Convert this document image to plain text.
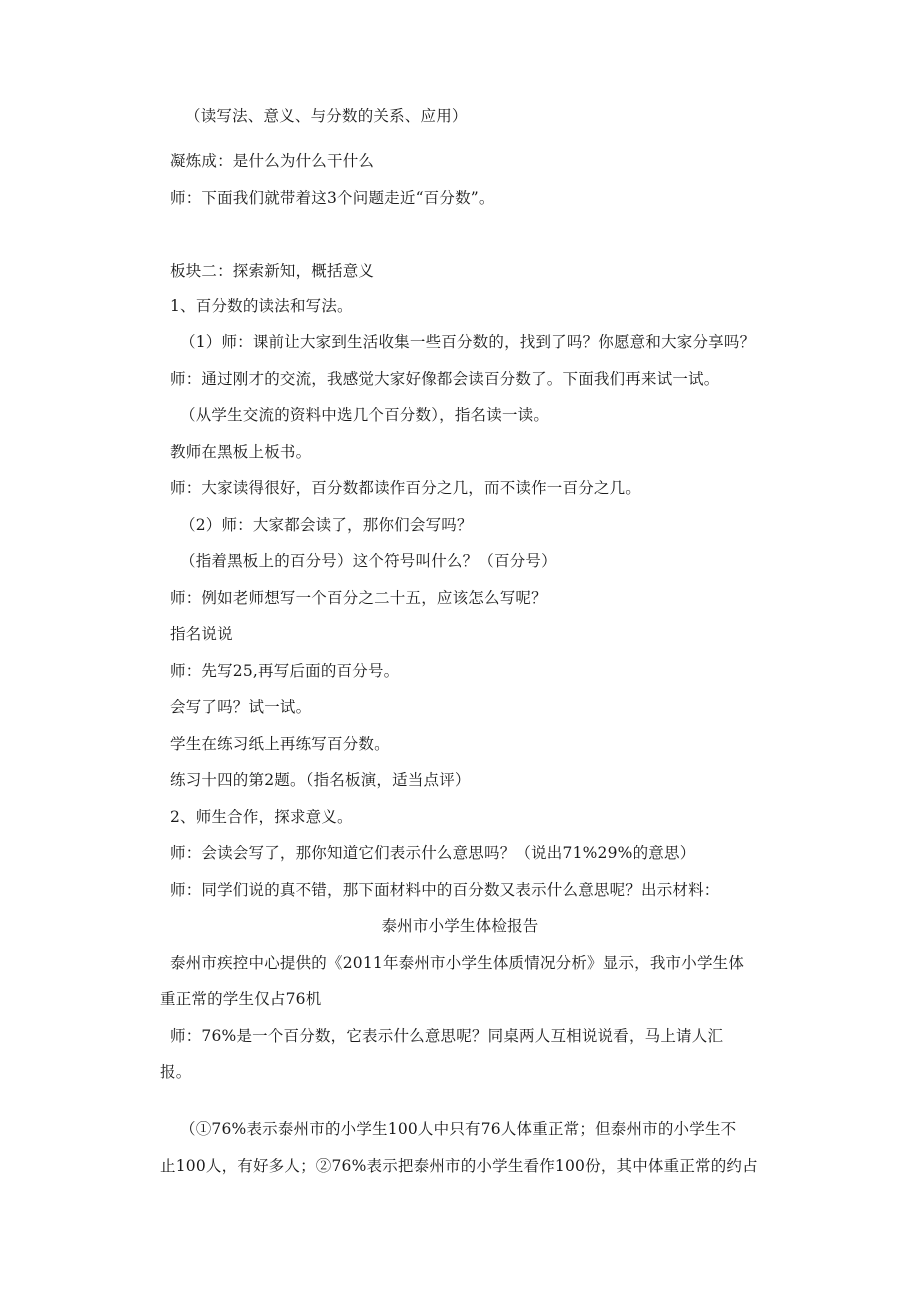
（读写法、意义、与分数的关系、应用）
凝炼成：是什么为什么干什么
师：下面我们就带着这3个问题走近“百分数”。
板块二：探索新知，概括意义
1、百分数的读法和写法。
（1）师：课前让大家到生活收集一些百分数的，找到了吗？你愿意和大家分享吗？
师：通过刚才的交流，我感觉大家好像都会读百分数了。下面我们再来试一试。
（从学生交流的资料中选几个百分数），指名读一读。
教师在黑板上板书。
师：大家读得很好，百分数都读作百分之几，而不读作一百分之几。
（2）师：大家都会读了，那你们会写吗？
（指着黑板上的百分号）这个符号叫什么？（百分号）
师：例如老师想写一个百分之二十五，应该怎么写呢？
指名说说
师：先写25,再写后面的百分号。
会写了吗？试一试。
学生在练习纸上再练写百分数。
练习十四的第2题。（指名板演，适当点评）
2、师生合作，探求意义。
师：会读会写了，那你知道它们表示什么意思吗？（说出71%29%的意思）
师：同学们说的真不错，那下面材料中的百分数又表示什么意思呢？出示材料：
泰州市小学生体检报告
泰州市疾控中心提供的《2011年泰州市小学生体质情况分析》显示，我市小学生体
重正常的学生仅占76机
师：76%是一个百分数，它表示什么意思呢？同桌两人互相说说看，马上请人汇
报。
（①76%表示泰州市的小学生100人中只有76人体重正常；但泰州市的小学生不
止100人，有好多人；②76%表示把泰州市的小学生看作100份，其中体重正常的约占
